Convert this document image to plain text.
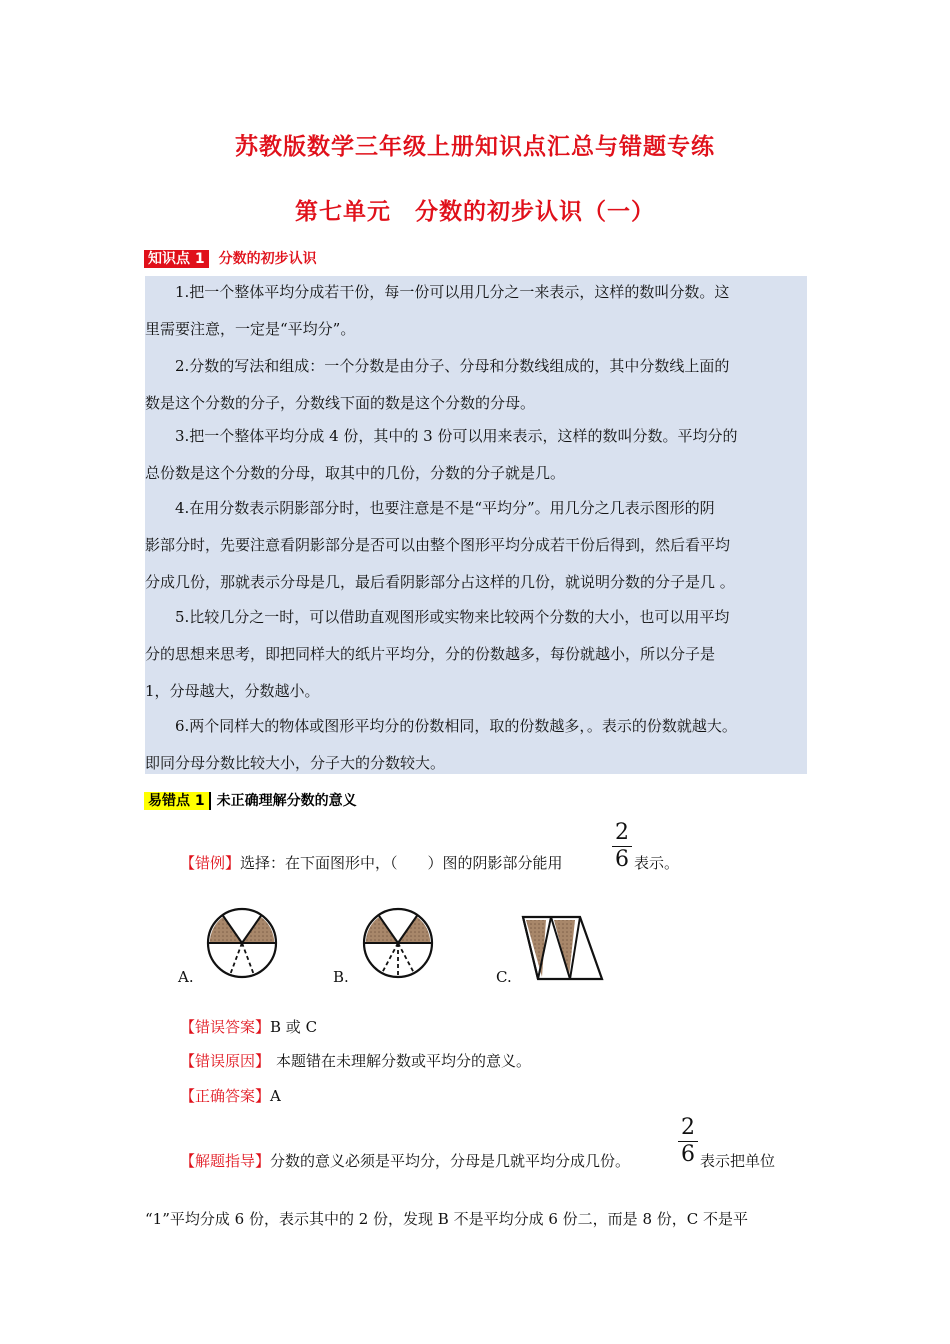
苏教版数学三年级上册知识点汇总与错题专练
第七单元　分数的初步认识（一）
知识点 1 分数的初步认识
1.把一个整体平均分成若干份，每一份可以用几分之一来表示，这样的数叫分数。这
里需要注意，一定是“平均分”。
2.分数的写法和组成：一个分数是由分子、分母和分数线组成的，其中分数线上面的
数是这个分数的分子，分数线下面的数是这个分数的分母。
3.把一个整体平均分成 4 份，其中的 3 份可以用来表示，这样的数叫分数。平均分的
总份数是这个分数的分母，取其中的几份，分数的分子就是几。
4.在用分数表示阴影部分时，也要注意是不是“平均分”。用几分之几表示图形的阴
影部分时，先要注意看阴影部分是否可以由整个图形平均分成若干份后得到，然后看平均
分成几份，那就表示分母是几，最后看阴影部分占这样的几份，就说明分数的分子是几 。
5.比较几分之一时，可以借助直观图形或实物来比较两个分数的大小，也可以用平均
分的思想来思考，即把同样大的纸片平均分，分的份数越多，每份就越小，所以分子是
1，分母越大，分数越小。
6.两个同样大的物体或图形平均分的份数相同，取的份数越多，。表示的份数就越大。
即同分母分数比较大小，分子大的分数较大。
易错点 1 未正确理解分数的意义
【错例】选择：在下面图形中，（　　）图的阴影部分能用
2
6 表示。
A.	B.	C.
【错误答案】B 或 C
【错误原因】 本题错在未理解分数或平均分的意义。
【正确答案】A
【解题指导】分数的意义必须是平均分，分母是几就平均分成几份。
2
6 表示把单位
“1”平均分成 6 份，表示其中的 2 份，发现 B 不是平均分成 6 份二，而是 8 份，C 不是平
